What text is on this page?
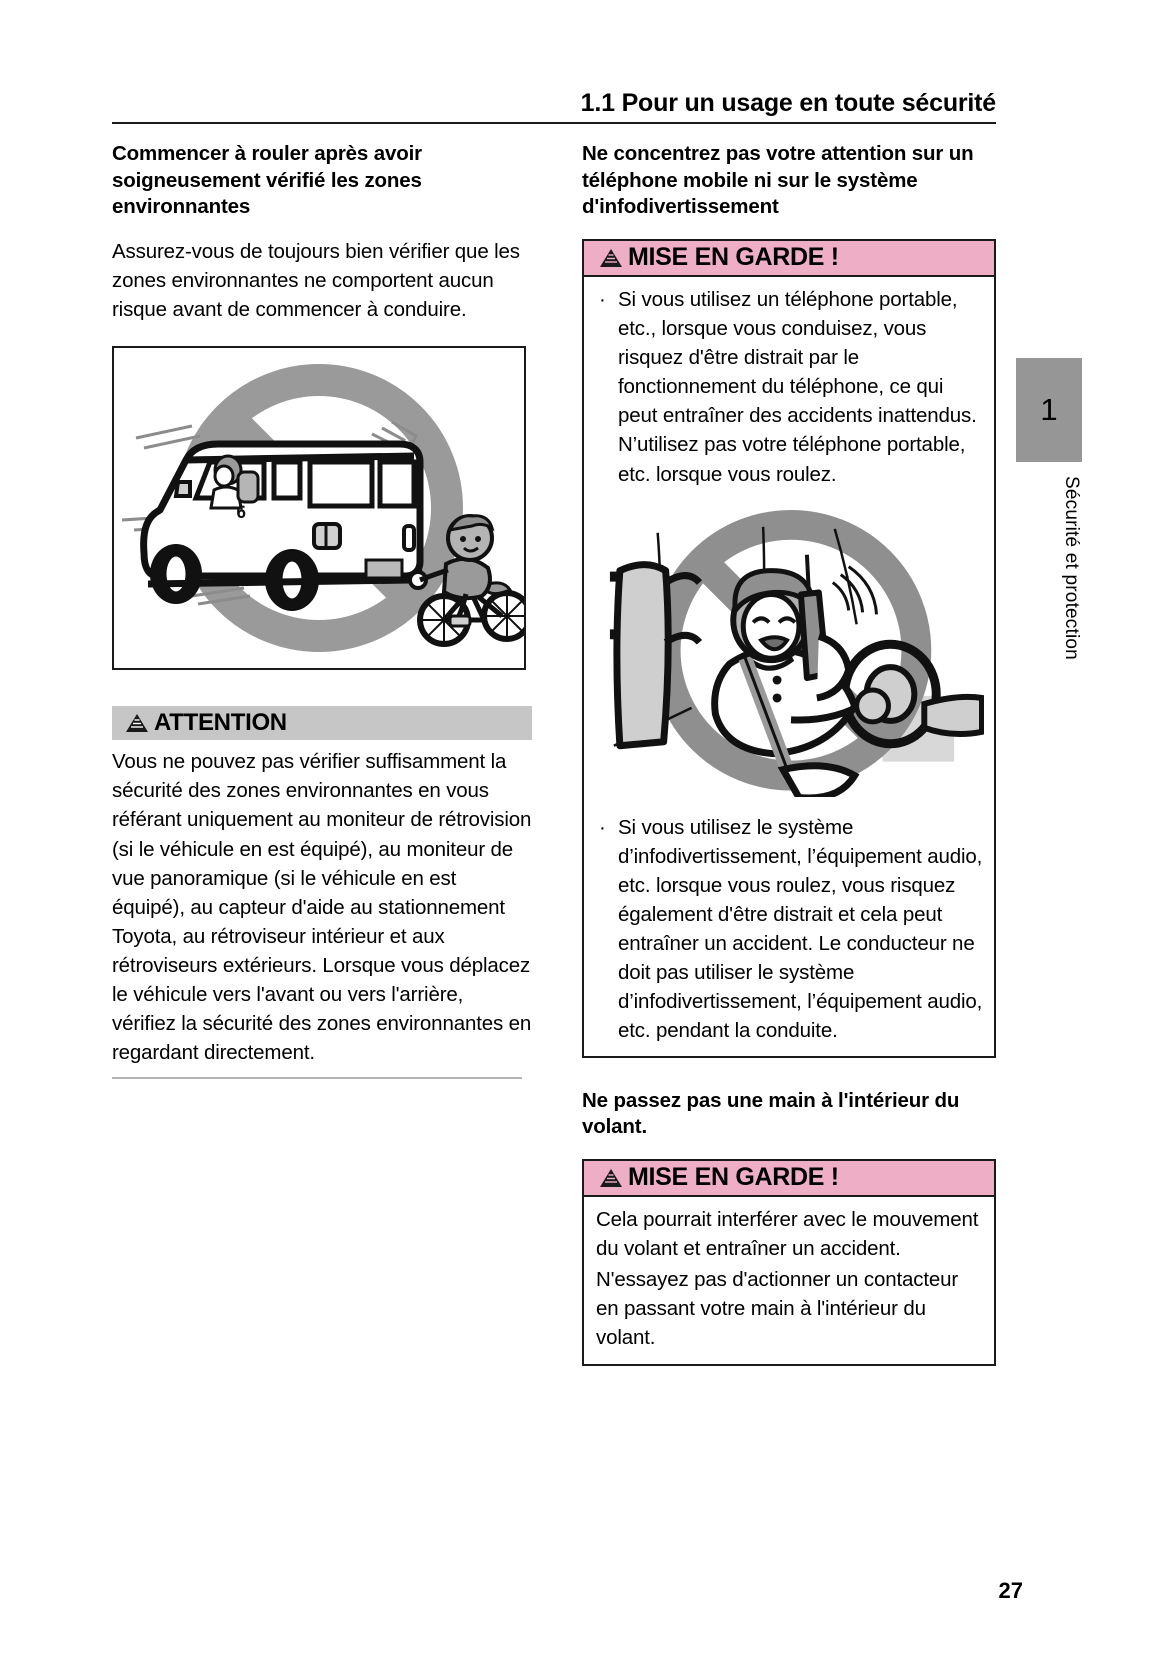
1.1 Pour un usage en toute sécurité
Commencer à rouler après avoir soigneusement vérifié les zones environnantes

Assurez-vous de toujours bien vérifier que les zones environnantes ne comportent aucun risque avant de commencer à conduire.

6
ATTENTION
Vous ne pouvez pas vérifier suffisamment la sécurité des zones environnantes en vous référant uniquement au moniteur de rétrovision (si le véhicule en est équipé), au moniteur de vue panoramique (si le véhicule en est équipé), au capteur d'aide au stationnement Toyota, au rétroviseur intérieur et aux rétroviseurs extérieurs. Lorsque vous déplacez le véhicule vers l'avant ou vers l'arrière, vérifiez la sécurité des zones environnantes en regardant directement.
Ne concentrez pas votre attention sur un téléphone mobile ni sur le système d'infodivertissement
MISE EN GARDE !
· Si vous utilisez un téléphone portable, etc., lorsque vous conduisez, vous risquez d'être distrait par le fonctionnement du téléphone, ce qui peut entraîner des accidents inattendus. N’utilisez pas votre téléphone portable, etc. lorsque vous roulez.
· Si vous utilisez le système d’infodivertissement, l’équipement audio, etc. lorsque vous roulez, vous risquez également d'être distrait et cela peut entraîner un accident. Le conducteur ne doit pas utiliser le système d’infodivertissement, l’équipement audio, etc. pendant la conduite.
Ne passez pas une main à l'intérieur du volant.
MISE EN GARDE !

Cela pourrait interférer avec le mouvement du volant et entraîner un accident.

N'essayez pas d'actionner un contacteur en passant votre main à l'intérieur du volant.

1
Sécurité et protection
27
